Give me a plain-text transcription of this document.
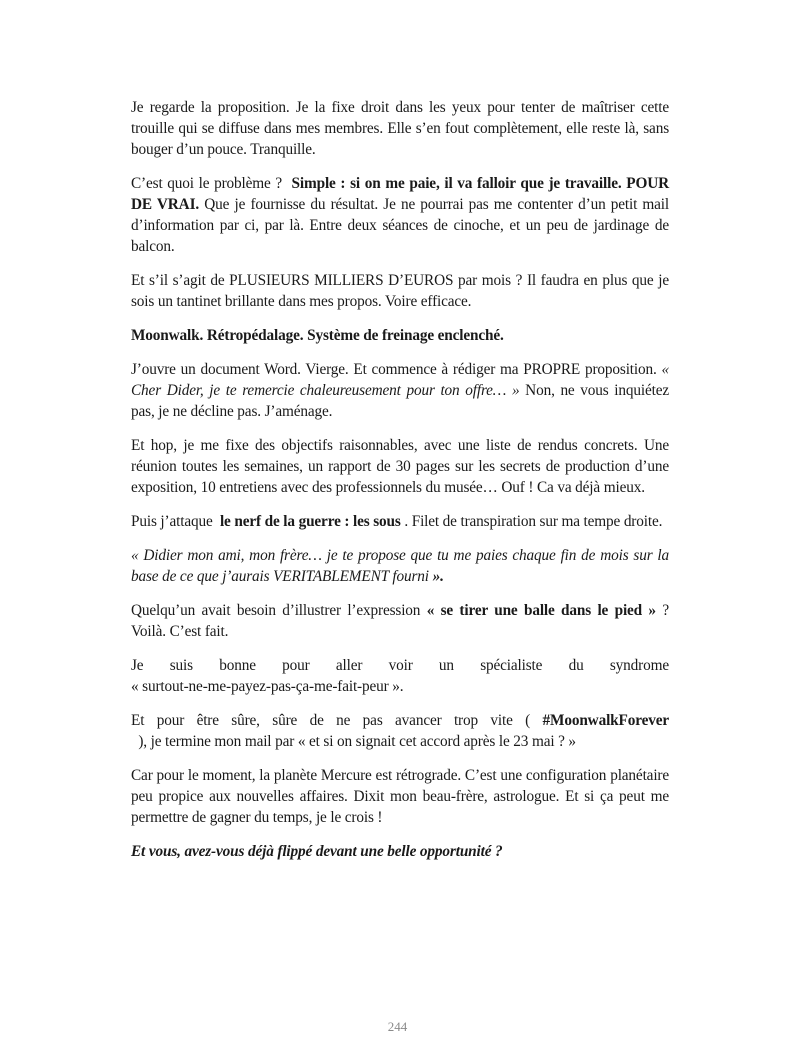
Je regarde la proposition. Je la fixe droit dans les yeux pour tenter de maîtriser cette trouille qui se diffuse dans mes membres. Elle s’en fout complètement, elle reste là, sans bouger d’un pouce. Tranquille.

C’est quoi le problème ?  Simple : si on me paie, il va falloir que je travaille. POUR DE VRAI. Que je fournisse du résultat. Je ne pourrai pas me contenter d’un petit mail d’information par ci, par là. Entre deux séances de cinoche, et un peu de jardinage de balcon.

Et s’il s’agit de PLUSIEURS MILLIERS D’EUROS par mois ? Il faudra en plus que je sois un tantinet brillante dans mes propos. Voire efficace.

Moonwalk. Rétropédalage. Système de freinage enclenché.

J’ouvre un document Word. Vierge. Et commence à rédiger ma PROPRE proposition. « Cher Dider, je te remercie chaleureusement pour ton offre… » Non, ne vous inquiétez pas, je ne décline pas. J’aménage.

Et hop, je me fixe des objectifs raisonnables, avec une liste de rendus concrets. Une réunion toutes les semaines, un rapport de 30 pages sur les secrets de production d’une exposition, 10 entretiens avec des professionnels du musée… Ouf ! Ca va déjà mieux.

Puis j’attaque  le nerf de la guerre : les sous . Filet de transpiration sur ma tempe droite.

« Didier mon ami, mon frère… je te propose que tu me paies chaque fin de mois sur la base de ce que j’aurais VERITABLEMENT fourni ».

Quelqu’un avait besoin d’illustrer l’expression « se tirer une balle dans le pied » ? Voilà. C’est fait.

Je suis bonne pour aller voir un spécialiste du syndrome

« surtout-ne-me-payez-pas-ça-me-fait-peur ».

Et pour être sûre, sûre de ne pas avancer trop vite ( #MoonwalkForever  ), je termine mon mail par « et si on signait cet accord après le 23 mai ? »

Car pour le moment, la planète Mercure est rétrograde. C’est une configuration planétaire peu propice aux nouvelles affaires. Dixit mon beau-frère, astrologue. Et si ça peut me permettre de gagner du temps, je le crois !

Et vous, avez-vous déjà flippé devant une belle opportunité ?

244
